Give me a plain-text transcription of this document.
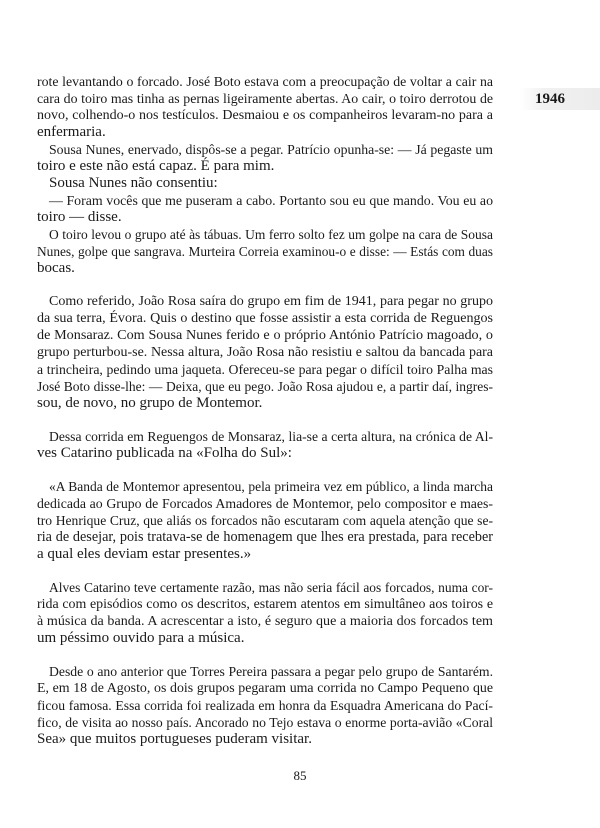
1946
rote levantando o forcado. José Boto estava com a preocupação de voltar a cair na
cara do toiro mas tinha as pernas ligeiramente abertas. Ao cair, o toiro derrotou de
novo, colhendo-o nos testículos. Desmaiou e os companheiros levaram-no para a
enfermaria.
Sousa Nunes, enervado, dispôs-se a pegar. Patrício opunha-se: — Já pegaste um
toiro e este não está capaz. É para mim.
Sousa Nunes não consentiu:
— Foram vocês que me puseram a cabo. Portanto sou eu que mando. Vou eu ao
toiro — disse.
O toiro levou o grupo até às tábuas. Um ferro solto fez um golpe na cara de Sousa
Nunes, golpe que sangrava. Murteira Correia examinou-o e disse: — Estás com duas
bocas.
Como referido, João Rosa saíra do grupo em fim de 1941, para pegar no grupo
da sua terra, Évora. Quis o destino que fosse assistir a esta corrida de Reguengos
de Monsaraz. Com Sousa Nunes ferido e o próprio António Patrício magoado, o
grupo perturbou-se. Nessa altura, João Rosa não resistiu e saltou da bancada para
a trincheira, pedindo uma jaqueta. Ofereceu-se para pegar o difícil toiro Palha mas
José Boto disse-lhe: — Deixa, que eu pego. João Rosa ajudou e, a partir daí, ingres-
sou, de novo, no grupo de Montemor.
Dessa corrida em Reguengos de Monsaraz, lia-se a certa altura, na crónica de Al-
ves Catarino publicada na «Folha do Sul»:
«A Banda de Montemor apresentou, pela primeira vez em público, a linda marcha
dedicada ao Grupo de Forcados Amadores de Montemor, pelo compositor e maes-
tro Henrique Cruz, que aliás os forcados não escutaram com aquela atenção que se-
ria de desejar, pois tratava-se de homenagem que lhes era prestada, para receber
a qual eles deviam estar presentes.»
Alves Catarino teve certamente razão, mas não seria fácil aos forcados, numa cor-
rida com episódios como os descritos, estarem atentos em simultâneo aos toiros e
à música da banda. A acrescentar a isto, é seguro que a maioria dos forcados tem
um péssimo ouvido para a música.
Desde o ano anterior que Torres Pereira passara a pegar pelo grupo de Santarém.
E, em 18 de Agosto, os dois grupos pegaram uma corrida no Campo Pequeno que
ficou famosa. Essa corrida foi realizada em honra da Esquadra Americana do Pací-
fico, de visita ao nosso país. Ancorado no Tejo estava o enorme porta-avião «Coral
Sea» que muitos portugueses puderam visitar.
85
